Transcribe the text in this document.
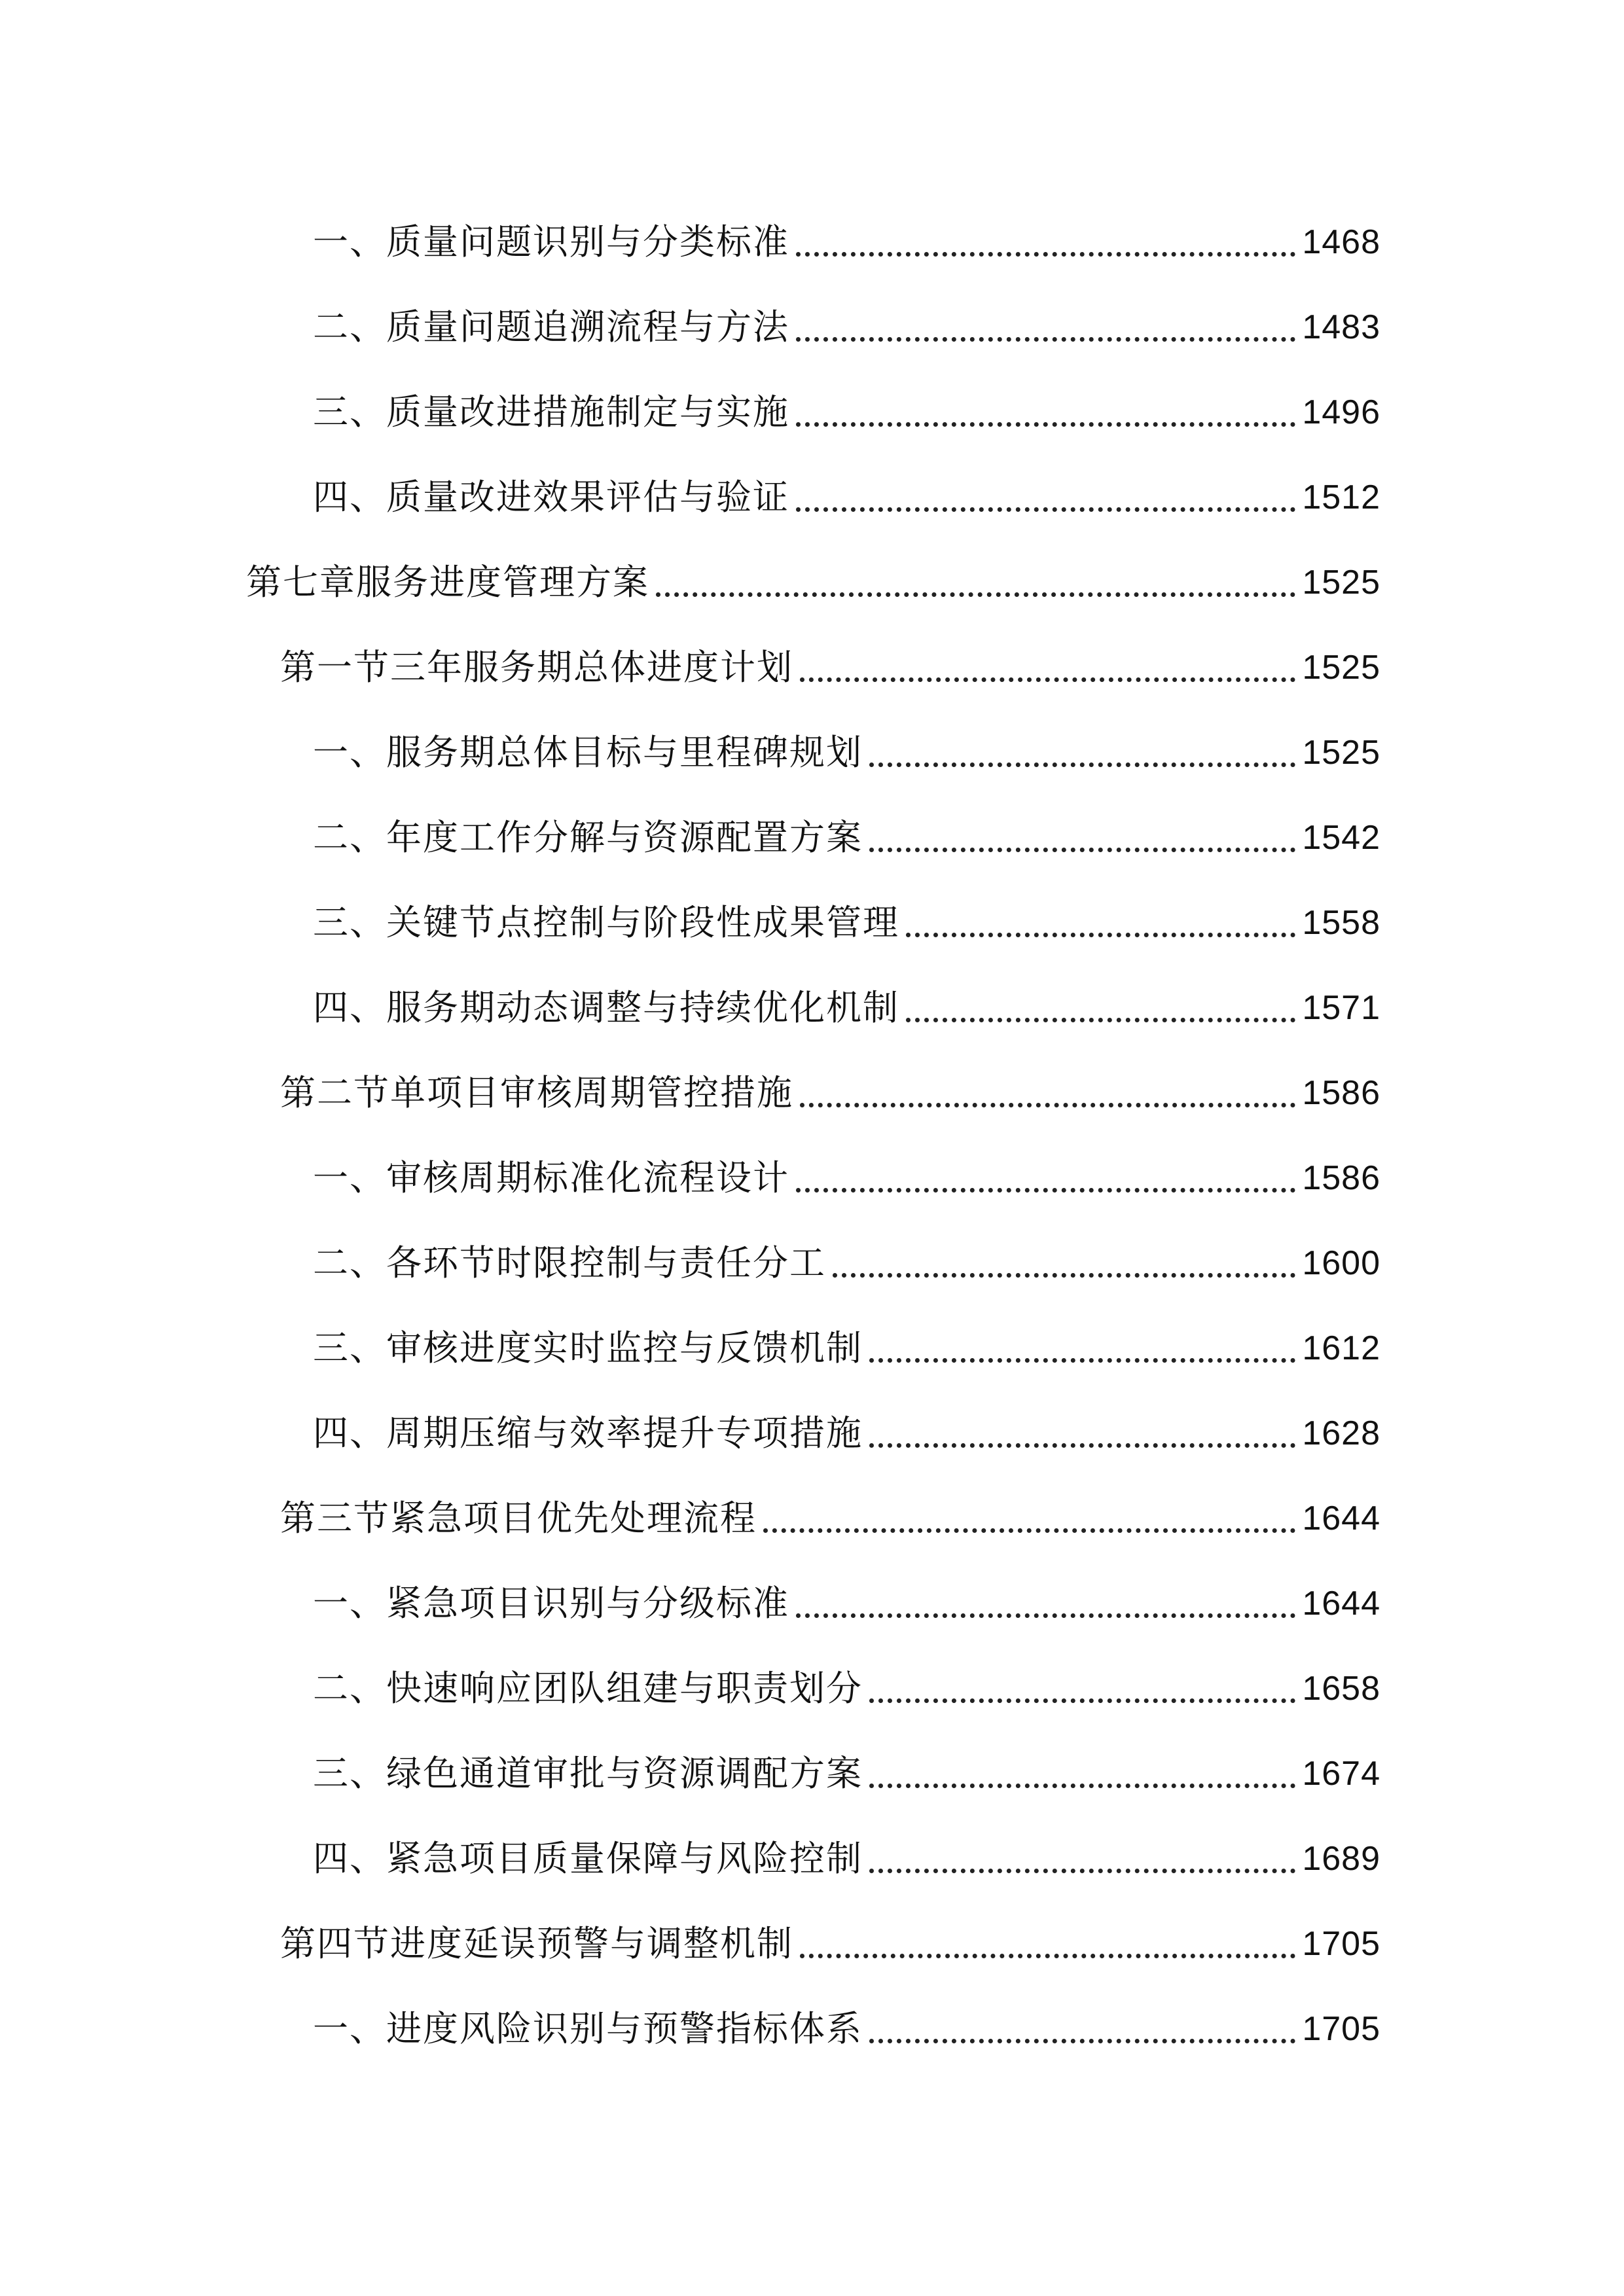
一、质量问题识别与分类标准	1468
二、质量问题追溯流程与方法	1483
三、质量改进措施制定与实施	1496
四、质量改进效果评估与验证	1512
第七章服务进度管理方案	1525
第一节三年服务期总体进度计划	1525
一、服务期总体目标与里程碑规划	1525
二、年度工作分解与资源配置方案	1542
三、关键节点控制与阶段性成果管理	1558
四、服务期动态调整与持续优化机制	1571
第二节单项目审核周期管控措施	1586
一、审核周期标准化流程设计	1586
二、各环节时限控制与责任分工	1600
三、审核进度实时监控与反馈机制	1612
四、周期压缩与效率提升专项措施	1628
第三节紧急项目优先处理流程	1644
一、紧急项目识别与分级标准	1644
二、快速响应团队组建与职责划分	1658
三、绿色通道审批与资源调配方案	1674
四、紧急项目质量保障与风险控制	1689
第四节进度延误预警与调整机制	1705
一、进度风险识别与预警指标体系	1705
